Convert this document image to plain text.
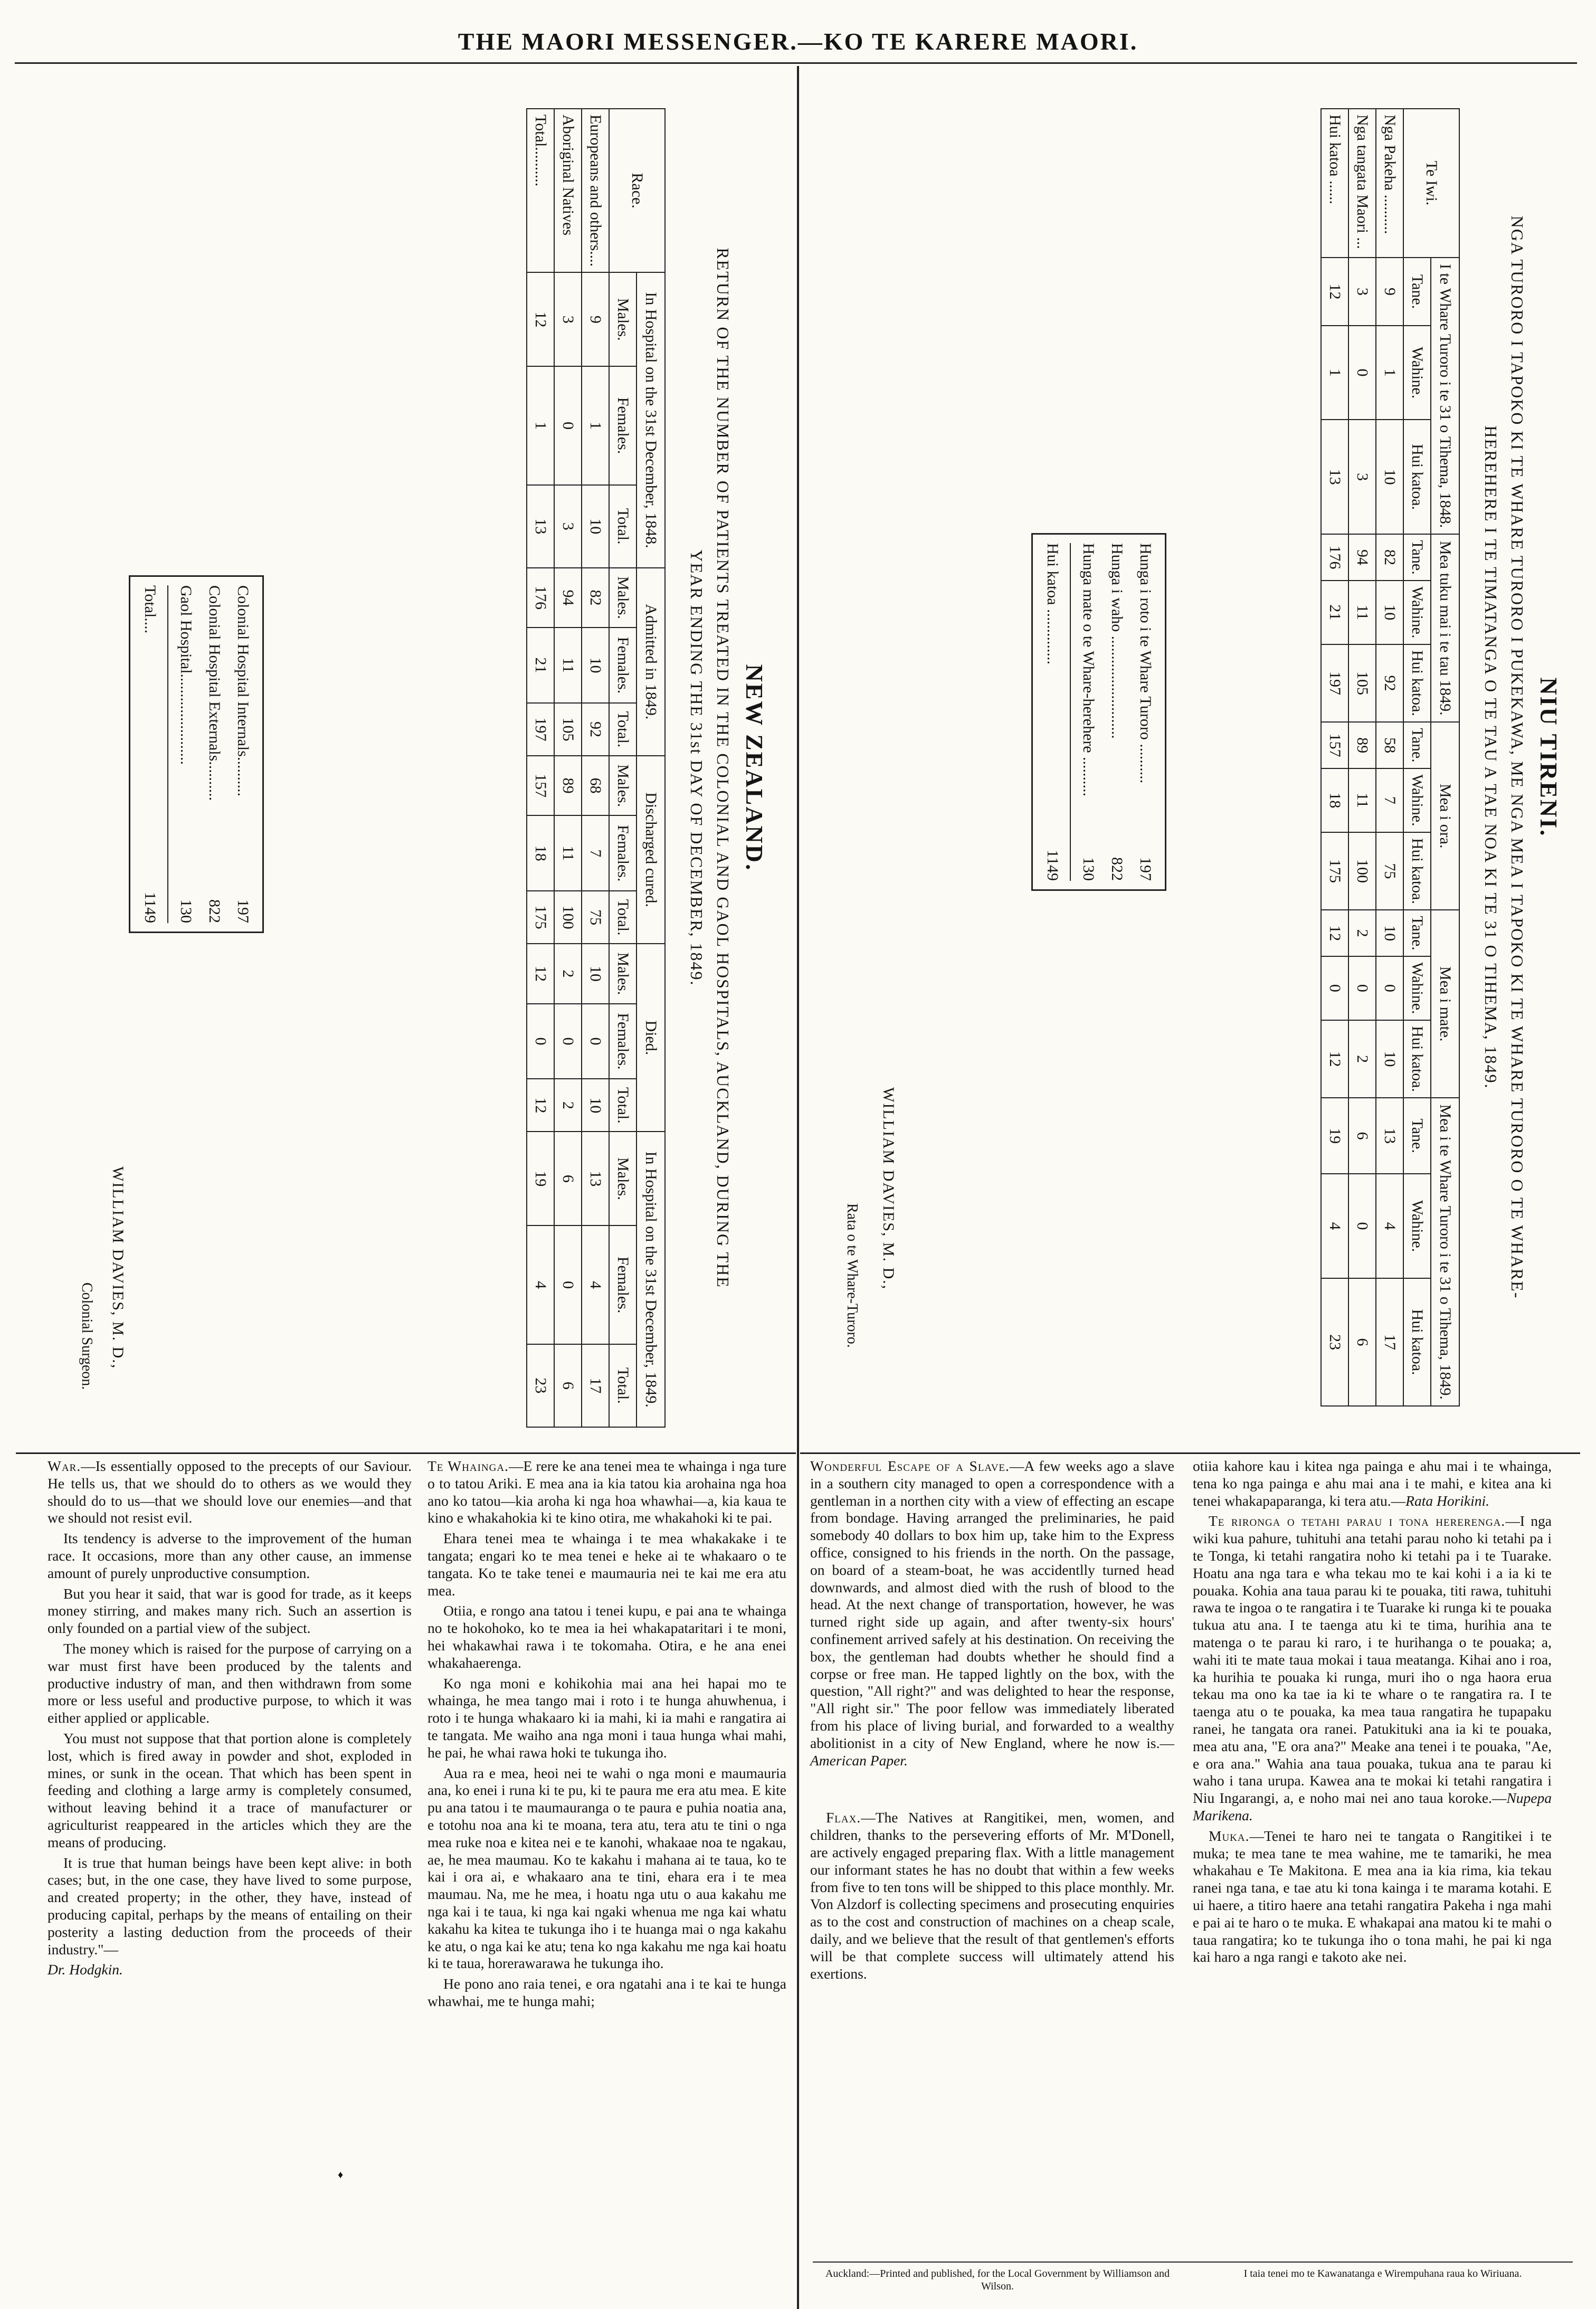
THE MAORI MESSENGER.—KO TE KARERE MAORI.
NIU TIRENI.
NGA TURORO I TAPOKO KI TE WHARE TURORO I PUKEKAWA, ME NGA MEA I TAPOKO KI TE WHARE TURORO O TE WHARE-
HEREHERE I TE TIMATANGA O TE TAU A TAE NOA KI TE 31 O TIHEMA, 1849.
Te Iwi.	I te Whare Turoro i te 31 o Tihema, 1848.			Mea tuku mai i te tau 1849.			Mea i ora.			Mea i mate.			Mea i te Whare Turoro i te 31 o Tihema, 1849.		
	Tane.	Wahine.	Hui katoa.	Tane.	Wahine.	Hui katoa.	Tane.	Wahine.	Hui katoa.	Tane.	Wahine.	Hui katoa.	Tane.	Wahine.	Hui katoa.
Nga Pakeha ..........	9	1	10	82	10	92	58	7	75	10	0	10	13	4	17
Nga tangata Maori ...	3	0	3	94	11	105	89	11	100	2	0	2	6	0	6
Hui katoa ......	12	1	13	176	21	197	157	18	175	12	0	12	19	4	23
Hunga i roto i te Whare Turoro ..........
197
Hunga i waho ..........................
822
Hunga mate o te Whare-herehere ..........
130
Hui katoa ..............
1149
WILLIAM DAVIES, M. D.,
Rata o te Whare-Turoro.
NEW ZEALAND.
RETURN OF THE NUMBER OF PATIENTS TREATED IN THE COLONIAL AND GAOL HOSPITALS, AUCKLAND, DURING THE
YEAR ENDING THE 31st DAY OF DECEMBER, 1849.
Race.	In Hospital on the 31st December, 1848.			Admitted in 1849.			Discharged cured.			Died.			In Hospital on the 31st December, 1849.		
	Males.	Females.	Total.	Males.	Females.	Total.	Males.	Females.	Total.	Males.	Females.	Total.	Males.	Females.	Total.
Europeans and others....	9	1	10	82	10	92	68	7	75	10	0	10	13	4	17
Aboriginal Natives	3	0	3	94	11	105	89	11	100	2	0	2	6	0	6
Total..........	12	1	13	176	21	197	157	18	175	12	0	12	19	4	23
Colonial Hospital Internals..........
197
Colonial Hospital Externals..........
822
Gaol Hospital.......................
130
Total....
1149
WILLIAM DAVIES, M. D.,
Colonial Surgeon.

War.—Is essentially opposed to the precepts of our Saviour. He tells us, that we should do to others as we would they should do to us—that we should love our enemies—and that we should not resist evil.

Its tendency is adverse to the improvement of the human race. It occasions, more than any other cause, an immense amount of purely unproductive consumption.

But you hear it said, that war is good for trade, as it keeps money stirring, and makes many rich. Such an assertion is only founded on a partial view of the subject.

The money which is raised for the purpose of carrying on a war must first have been produced by the talents and productive industry of man, and then withdrawn from some more or less useful and productive purpose, to which it was either applied or applicable.

You must not suppose that that portion alone is completely lost, which is fired away in powder and shot, exploded in mines, or sunk in the ocean. That which has been spent in feeding and clothing a large army is completely consumed, without leaving behind it a trace of manufacturer or agriculturist reappeared in the articles which they are the means of producing.

It is true that human beings have been kept alive: in both cases; but, in the one case, they have lived to some purpose, and created property; in the other, they have, instead of producing capital, perhaps by the means of entailing on their posterity a lasting deduction from the proceeds of their industry."—

Dr. Hodgkin.

Te Whainga.—E rere ke ana tenei mea te whainga i nga ture o to tatou Ariki. E mea ana ia kia tatou kia arohaina nga hoa ano ko tatou—kia aroha ki nga hoa whawhai—a, kia kaua te kino e whakahokia ki te kino otira, me whakahoki ki te pai.

Ehara tenei mea te whainga i te mea whakakake i te tangata; engari ko te mea tenei e heke ai te whakaaro o te tangata. Ko te take tenei e maumauria nei te kai me era atu mea.

Otiia, e rongo ana tatou i tenei kupu, e pai ana te whainga no te hokohoko, ko te mea ia hei whakapataritari i te moni, hei whakawhai rawa i te tokomaha. Otira, e he ana enei whakahaerenga.

Ko nga moni e kohikohia mai ana hei hapai mo te whainga, he mea tango mai i roto i te hunga ahuwhenua, i roto i te hunga whakaaro ki ia mahi, ki ia mahi e rangatira ai te tangata. Me waiho ana nga moni i taua hunga whai mahi, he pai, he whai rawa hoki te tukunga iho.

Aua ra e mea, heoi nei te wahi o nga moni e maumauria ana, ko enei i runa ki te pu, ki te paura me era atu mea. E kite pu ana tatou i te maumauranga o te paura e puhia noatia ana, e totohu noa ana ki te moana, tera atu, tera atu te tini o nga mea ruke noa e kitea nei e te kanohi, whakaae noa te ngakau, ae, he mea maumau. Ko te kakahu i mahana ai te taua, ko te kai i ora ai, e whakaaro ana te tini, ehara era i te mea maumau. Na, me he mea, i hoatu nga utu o aua kakahu me nga kai i te taua, ki nga kai ngaki whenua me nga kai whatu kakahu ka kitea te tukunga iho i te huanga mai o nga kakahu ke atu, o nga kai ke atu; tena ko nga kakahu me nga kai hoatu ki te taua, horerawarawa he tukunga iho.

He pono ano raia tenei, e ora ngatahi ana i te kai te hunga whawhai, me te hunga mahi;

Wonderful Escape of a Slave.—A few weeks ago a slave in a southern city managed to open a correspondence with a gentleman in a northen city with a view of effecting an escape from bondage. Having arranged the preliminaries, he paid somebody 40 dollars to box him up, take him to the Express office, consigned to his friends in the north. On the passage, on board of a steam-boat, he was accidentlly turned head downwards, and almost died with the rush of blood to the head. At the next change of transportation, however, he was turned right side up again, and after twenty-six hours' confinement arrived safely at his destination. On receiving the box, the gentleman had doubts whether he should find a corpse or free man. He tapped lightly on the box, with the question, "All right?" and was delighted to hear the response, "All right sir." The poor fellow was immediately liberated from his place of living burial, and forwarded to a wealthy abolitionist in a city of New England, where he now is.—American Paper.

Flax.—The Natives at Rangitikei, men, women, and children, thanks to the persevering efforts of Mr. M'Donell, are actively engaged preparing flax. With a little management our informant states he has no doubt that within a few weeks from five to ten tons will be shipped to this place monthly. Mr. Von Alzdorf is collecting specimens and prosecuting enquiries as to the cost and construction of machines on a cheap scale, daily, and we believe that the result of that gentlemen's efforts will be that complete success will ultimately attend his exertions.

otiia kahore kau i kitea nga painga e ahu mai i te whainga, tena ko nga painga e ahu mai ana i te mahi, e kitea ana ki tenei whakapaparanga, ki tera atu.—Rata Horikini.

Te rironga o tetahi parau i tona hererenga.—I nga wiki kua pahure, tuhituhi ana tetahi parau noho ki tetahi pa i te Tonga, ki tetahi rangatira noho ki tetahi pa i te Tuarake. Hoatu ana nga tara e wha tekau mo te kai kohi i a ia ki te pouaka. Kohia ana taua parau ki te pouaka, titi rawa, tuhituhi rawa te ingoa o te rangatira i te Tuarake ki runga ki te pouaka tukua atu ana. I te taenga atu ki te tima, hurihia ana te matenga o te parau ki raro, i te hurihanga o te pouaka; a, wahi iti te mate taua mokai i taua meatanga. Kihai ano i roa, ka hurihia te pouaka ki runga, muri iho o nga haora erua tekau ma ono ka tae ia ki te whare o te rangatira ra. I te taenga atu o te pouaka, ka mea taua rangatira he tupapaku ranei, he tangata ora ranei. Patukituki ana ia ki te pouaka, mea atu ana, "E ora ana?" Meake ana tenei i te pouaka, "Ae, e ora ana." Wahia ana taua pouaka, tukua ana te parau ki waho i tana urupa. Kawea ana te mokai ki tetahi rangatira i Niu Ingarangi, a, e noho mai nei ano taua koroke.—Nupepa Marikena.

Muka.—Tenei te haro nei te tangata o Rangitikei i te muka; te mea tane te mea wahine, me te tamariki, he mea whakahau e Te Makitona. E mea ana ia kia rima, kia tekau ranei nga tana, e tae atu ki tona kainga i te marama kotahi. E ui haere, a titiro haere ana tetahi rangatira Pakeha i nga mahi e pai ai te haro o te muka. E whakapai ana matou ki te mahi o taua rangatira; ko te tukunga iho o tona mahi, he pai ki nga kai haro a nga rangi e takoto ake nei.

♦
Auckland:—Printed and published, for the Local Government by Williamson and Wilson.
I taia tenei mo te Kawanatanga e Wirempuhana raua ko Wiriuana.
